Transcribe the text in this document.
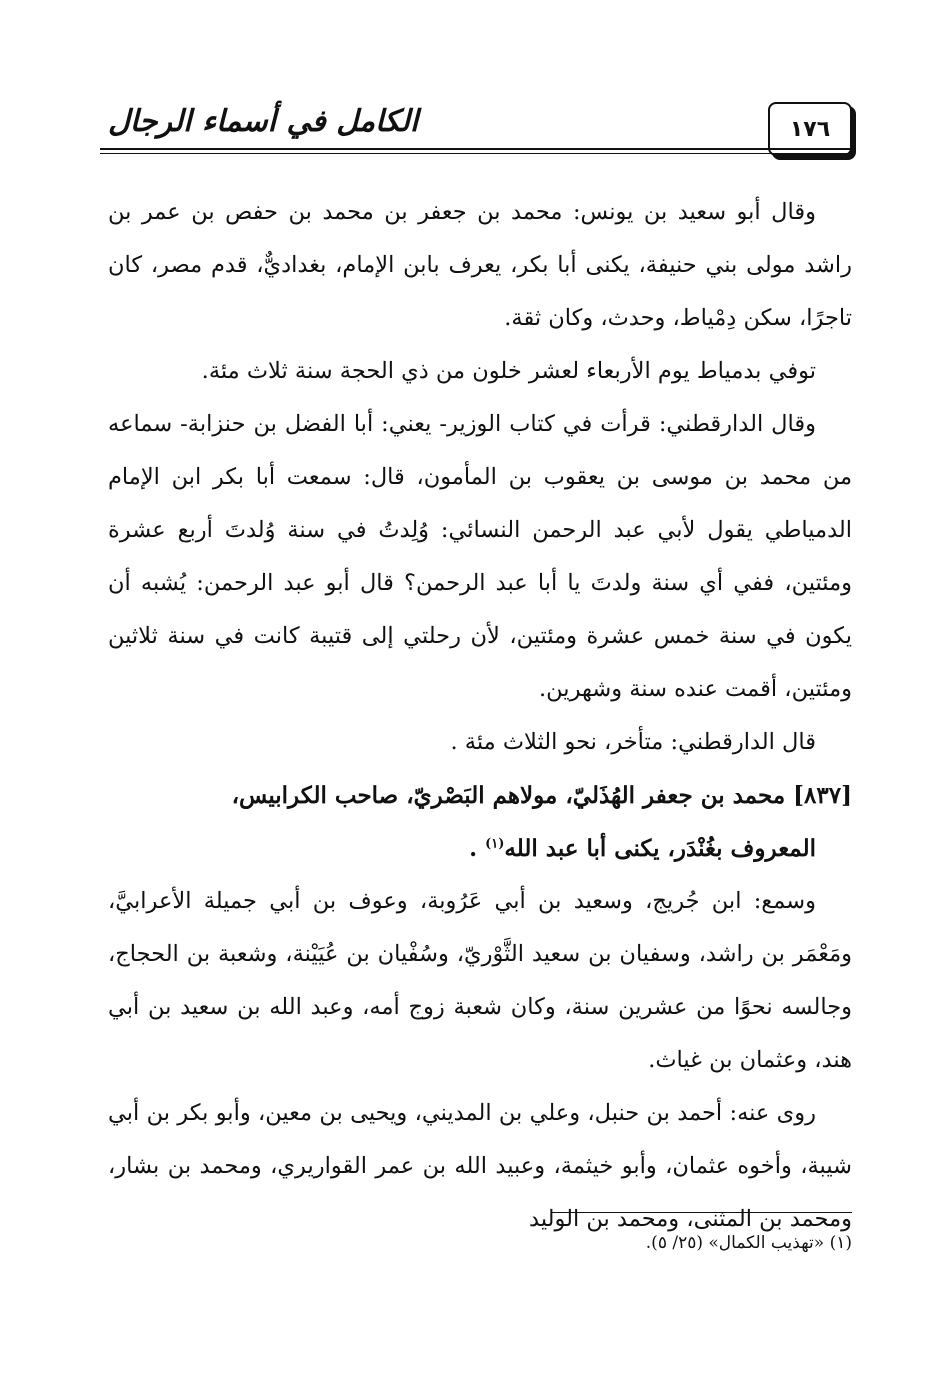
الكامل في أسماء الرجال	١٧٦

وقال أبو سعيد بن يونس: محمد بن جعفر بن محمد بن حفص بن عمر بن راشد مولى بني حنيفة، يكنى أبا بكر، يعرف بابن الإمام، بغداديٌّ، قدم مصر، كان تاجرًا، سكن دِمْياط، وحدث، وكان ثقة.

توفي بدمياط يوم الأربعاء لعشر خلون من ذي الحجة سنة ثلاث مئة.

وقال الدارقطني: قرأت في كتاب الوزير- يعني: أبا الفضل بن حنزابة- سماعه من محمد بن موسى بن يعقوب بن المأمون، قال: سمعت أبا بكر ابن الإمام الدمياطي يقول لأبي عبد الرحمن النسائي: وُلِدتُ في سنة وُلدتَ أربع عشرة ومئتين، ففي أي سنة ولدتَ يا أبا عبد الرحمن؟ قال أبو عبد الرحمن: يُشبه أن يكون في سنة خمس عشرة ومئتين، لأن رحلتي إلى قتيبة كانت في سنة ثلاثين ومئتين، أقمت عنده سنة وشهرين.

قال الدارقطني: متأخر، نحو الثلاث مئة .

[٨٣٧] محمد بن جعفر الهُذَليّ، مولاهم البَصْريّ، صاحب الكرابيس،
المعروف بغُنْدَر، يكنى أبا عبد الله$^{(١)}$ .

وسمع: ابن جُريج، وسعيد بن أبي عَرُوبة، وعوف بن أبي جميلة الأعرابيَّ، ومَعْمَر بن راشد، وسفيان بن سعيد الثَّوْريّ، وسُفْيان بن عُيَيْنة، وشعبة بن الحجاج، وجالسه نحوًا من عشرين سنة، وكان شعبة زوج أمه، وعبد الله بن سعيد بن أبي هند، وعثمان بن غياث.

روى عنه: أحمد بن حنبل، وعلي بن المديني، ويحيى بن معين، وأبو بكر بن أبي شيبة، وأخوه عثمان، وأبو خيثمة، وعبيد الله بن عمر القواريري، ومحمد بن بشار، ومحمد بن المثنى، ومحمد بن الوليد

(١) «تهذيب الكمال» (٢٥/ ٥).
